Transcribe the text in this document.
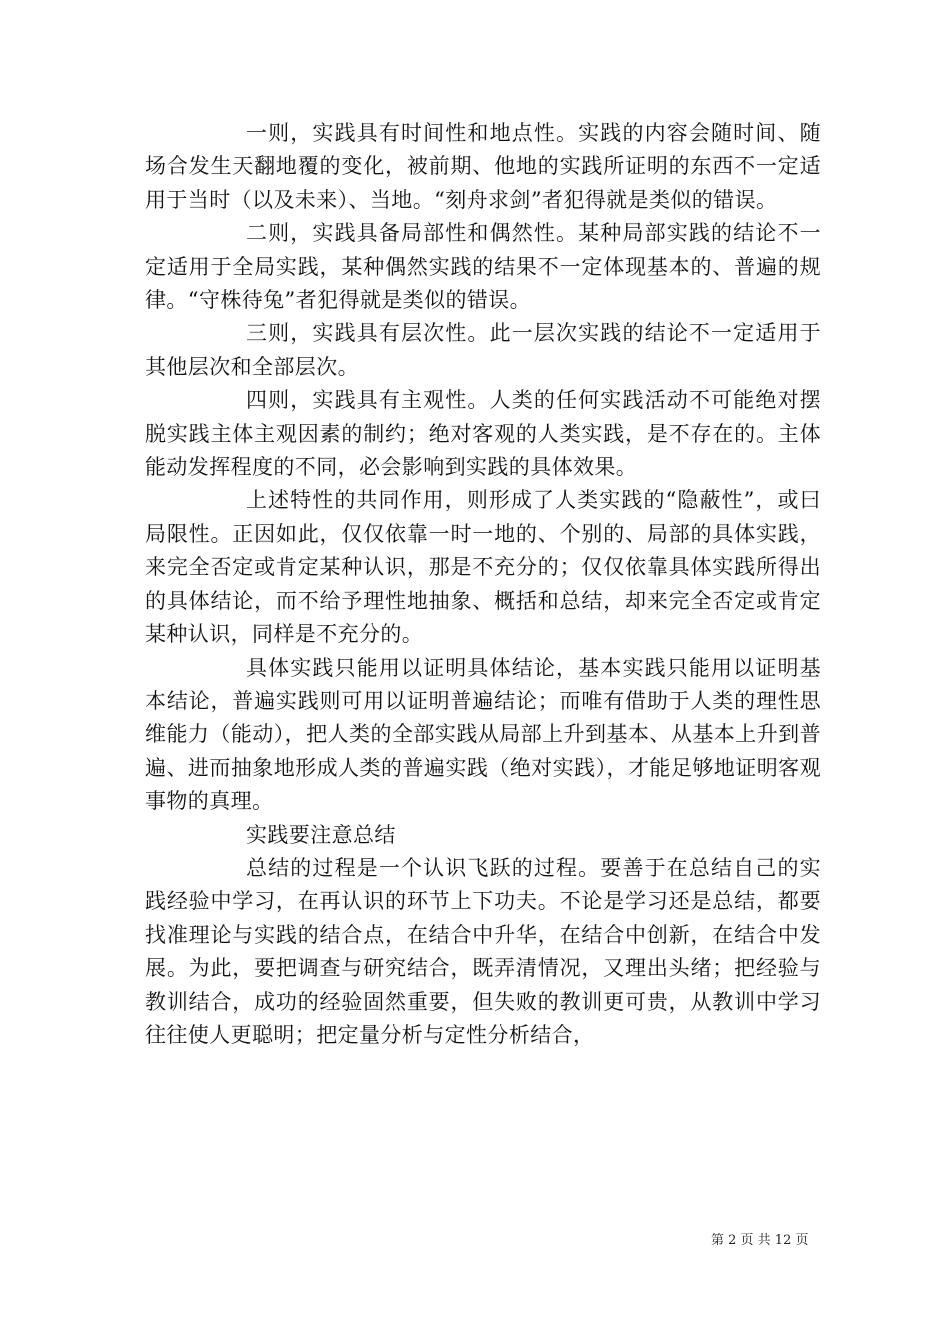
一则，实践具有时间性和地点性。实践的内容会随时间、随场合发生天翻地覆的变化，被前期、他地的实践所证明的东西不一定适用于当时（以及未来）、当地。“刻舟求剑”者犯得就是类似的错误。

二则，实践具备局部性和偶然性。某种局部实践的结论不一定适用于全局实践，某种偶然实践的结果不一定体现基本的、普遍的规律。“守株待兔”者犯得就是类似的错误。

三则，实践具有层次性。此一层次实践的结论不一定适用于其他层次和全部层次。

四则，实践具有主观性。人类的任何实践活动不可能绝对摆脱实践主体主观因素的制约；绝对客观的人类实践，是不存在的。主体能动发挥程度的不同，必会影响到实践的具体效果。

上述特性的共同作用，则形成了人类实践的“隐蔽性”，或曰局限性。正因如此，仅仅依靠一时一地的、个别的、局部的具体实践，来完全否定或肯定某种认识，那是不充分的；仅仅依靠具体实践所得出的具体结论，而不给予理性地抽象、概括和总结，却来完全否定或肯定某种认识，同样是不充分的。

具体实践只能用以证明具体结论，基本实践只能用以证明基本结论，普遍实践则可用以证明普遍结论；而唯有借助于人类的理性思维能力（能动），把人类的全部实践从局部上升到基本、从基本上升到普遍、进而抽象地形成人类的普遍实践（绝对实践），才能足够地证明客观事物的真理。

实践要注意总结

总结的过程是一个认识飞跃的过程。要善于在总结自己的实践经验中学习，在再认识的环节上下功夫。不论是学习还是总结，都要找准理论与实践的结合点，在结合中升华，在结合中创新，在结合中发展。为此，要把调查与研究结合，既弄清情况，又理出头绪；把经验与教训结合，成功的经验固然重要，但失败的教训更可贵，从教训中学习往往使人更聪明；把定量分析与定性分析结合，

第 2 页 共 12 页
